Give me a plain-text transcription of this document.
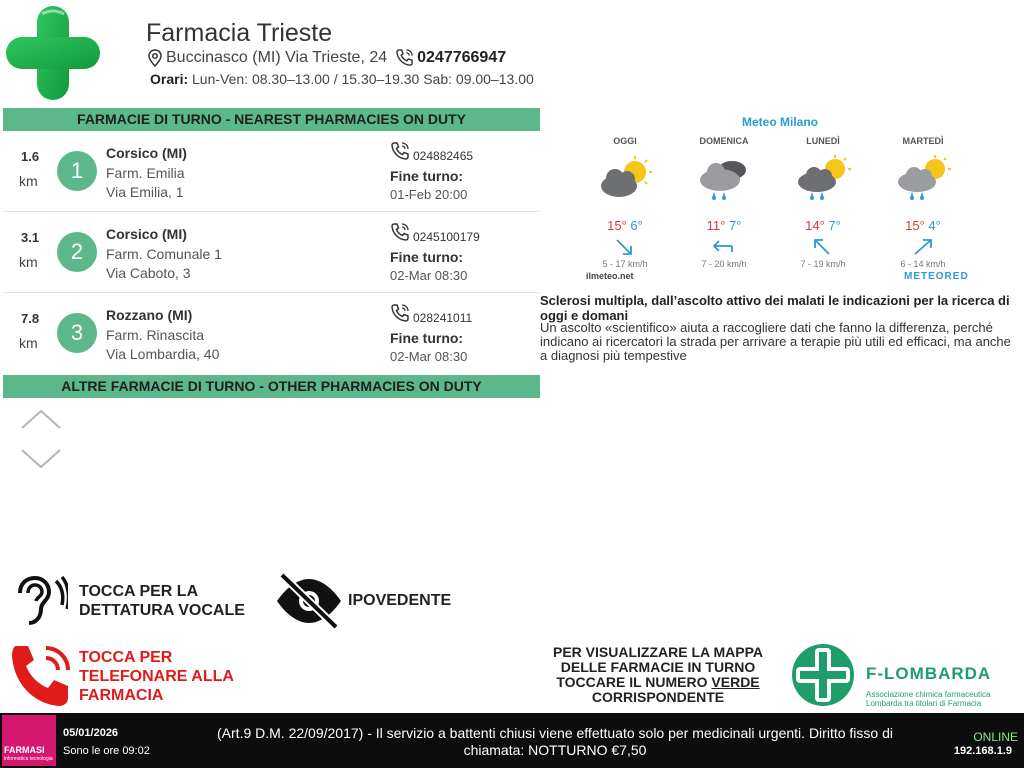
Farmacia Trieste
Buccinasco (MI) Via Trieste, 24 0247766947
Orari: Lun-Ven: 08.30–13.00 / 15.30–19.30 Sab: 09.00–13.00
FARMACIE DI TURNO - NEAREST PHARMACIES ON DUTY
1.6
km	1
Corsico (MI)
Farm. Emilia
Via Emilia, 1
024882465
Fine turno:
01-Feb 20:00
3.1
km	2
Corsico (MI)
Farm. Comunale 1
Via Caboto, 3
0245100179
Fine turno:
02-Mar 08:30
7.8
km	3
Rozzano (MI)
Farm. Rinascita
Via Lombardia, 40
028241011
Fine turno:
02-Mar 08:30
ALTRE FARMACIE DI TURNO - OTHER PHARMACIES ON DUTY
Meteo Milano
OGGI
15° 6°
5 - 17 km/h
DOMENICA
11° 7°
7 - 20 km/h
LUNEDÌ
14° 7°
7 - 19 km/h
MARTEDÌ
15° 4°
6 - 14 km/h
ilmeteo.net	METEORED
Sclerosi multipla, dall’ascolto attivo dei malati le indicazioni per la ricerca di oggi e domani
Un ascolto «scientifico» aiuta a raccogliere dati che fanno la differenza, perché indicano ai ricercatori la strada per arrivare a terapie più utili ed efficaci, ma anche a diagnosi più tempestive
TOCCA PER LA
DETTATURA VOCALE
IPOVEDENTE
TOCCA PER
TELEFONARE ALLA
FARMACIA
PER VISUALIZZARE LA MAPPA
DELLE FARMACIE IN TURNO
TOCCARE IL NUMERO VERDE
CORRISPONDENTE
F-LOMBARDA
Associazione chimica farmaceutica
Lombarda tra titolari di Farmacia
FARMASI
informatica tecnologia
05/01/2026
Sono le ore 09:02
(Art.9 D.M. 22/09/2017) - Il servizio a battenti chiusi viene effettuato solo per medicinali urgenti. Diritto fisso di chiamata: NOTTURNO €7,50
ONLINE
192.168.1.9
